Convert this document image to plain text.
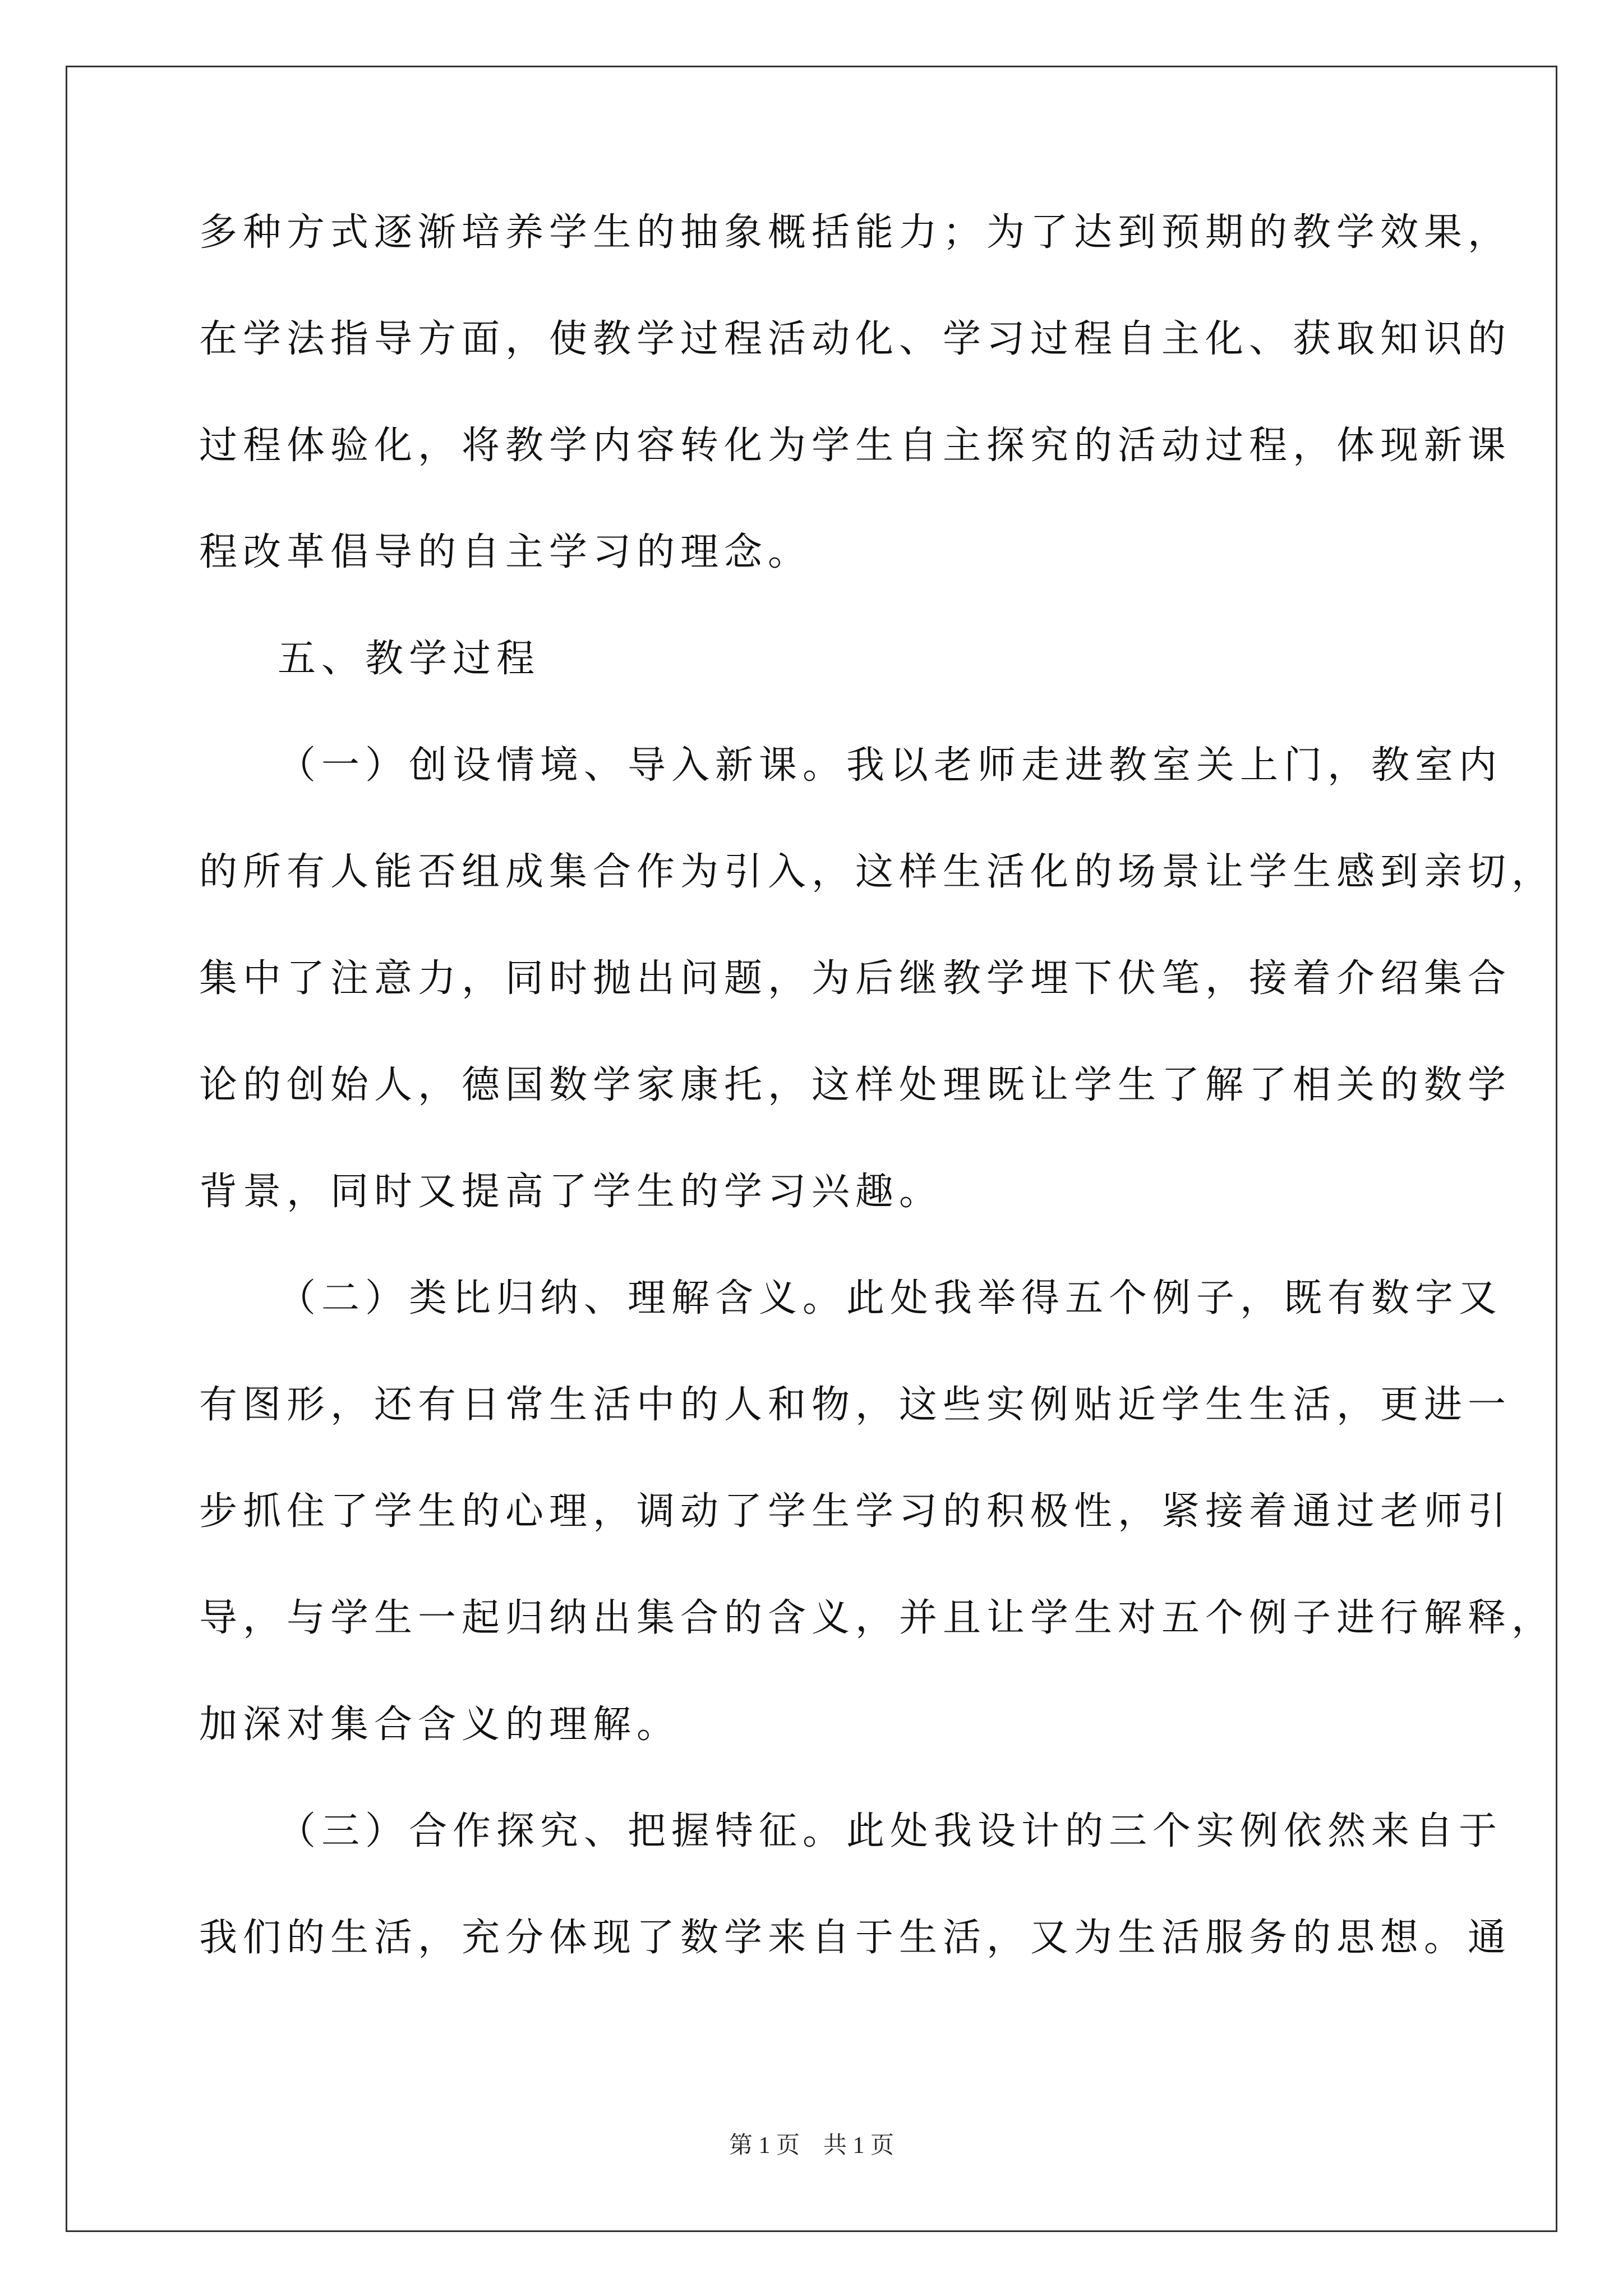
多种方式逐渐培养学生的抽象概括能力；为了达到预期的教学效果，
在学法指导方面，使教学过程活动化、学习过程自主化、获取知识的
过程体验化，将教学内容转化为学生自主探究的活动过程，体现新课
程改革倡导的自主学习的理念。
五、教学过程
（一）创设情境、导入新课。我以老师走进教室关上门，教室内
的所有人能否组成集合作为引入，这样生活化的场景让学生感到亲切，
集中了注意力，同时抛出问题，为后继教学埋下伏笔，接着介绍集合
论的创始人，德国数学家康托，这样处理既让学生了解了相关的数学
背景，同时又提高了学生的学习兴趣。
（二）类比归纳、理解含义。此处我举得五个例子，既有数字又
有图形，还有日常生活中的人和物，这些实例贴近学生生活，更进一
步抓住了学生的心理，调动了学生学习的积极性，紧接着通过老师引
导，与学生一起归纳出集合的含义，并且让学生对五个例子进行解释，
加深对集合含义的理解。
（三）合作探究、把握特征。此处我设计的三个实例依然来自于
我们的生活，充分体现了数学来自于生活，又为生活服务的思想。通
第 1 页　共 1 页
